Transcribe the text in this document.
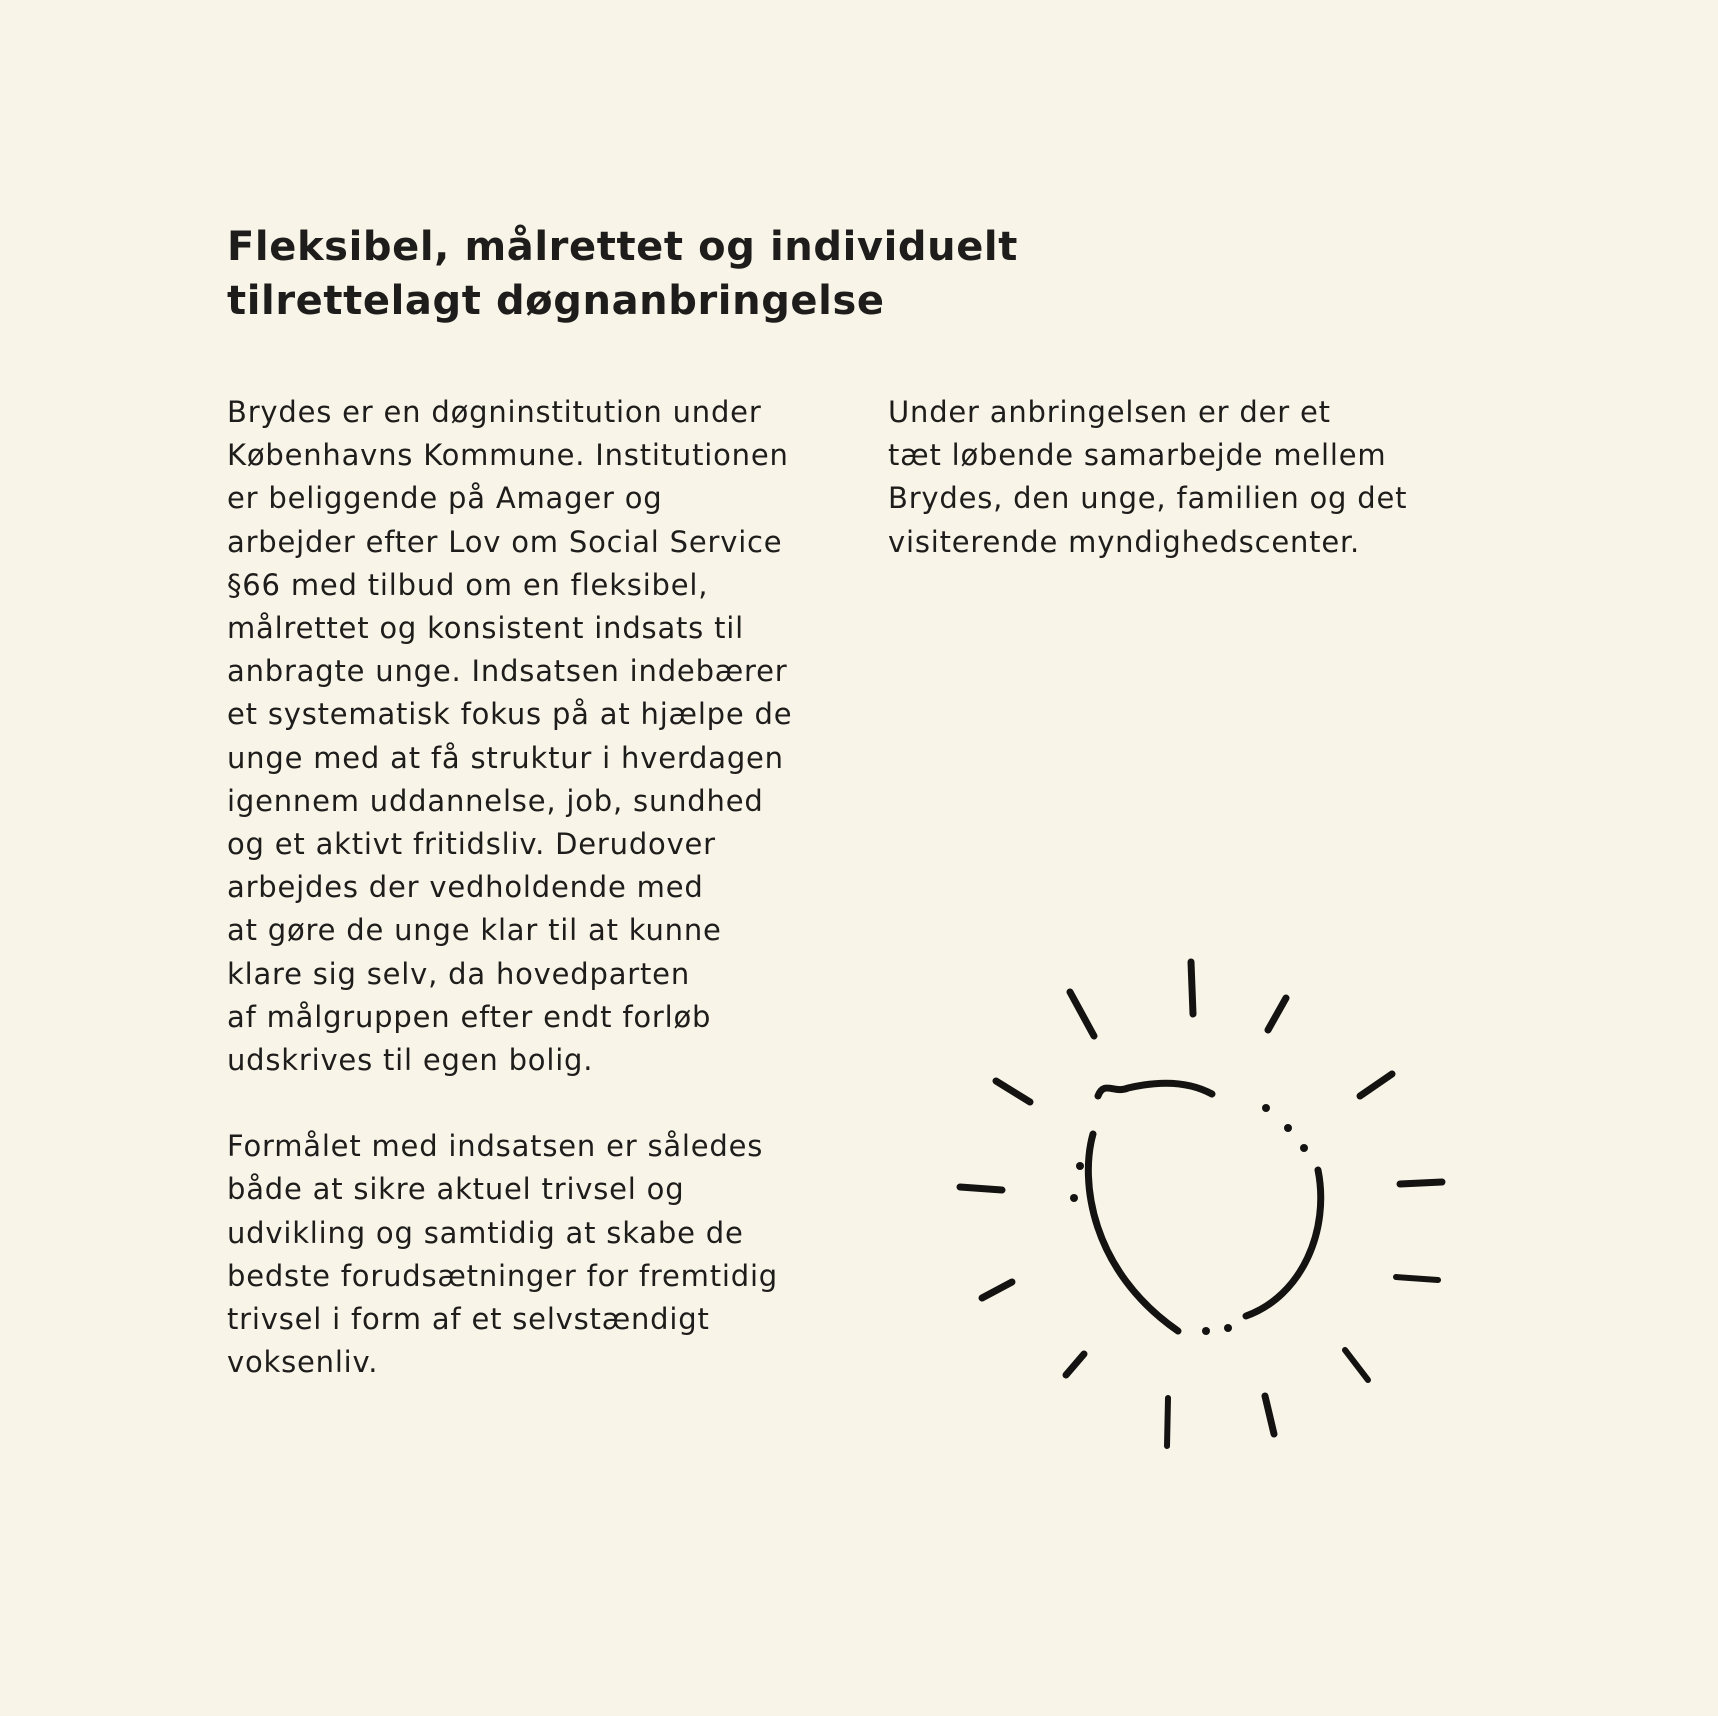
Fleksibel, målrettet og individuelt
tilrettelagt døgnanbringelse

Brydes er en døgninstitution under
Københavns Kommune. Institutionen
er beliggende på Amager og
arbejder efter Lov om Social Service
§66 med tilbud om en fleksibel,
målrettet og konsistent indsats til
anbragte unge. Indsatsen indebærer
et systematisk fokus på at hjælpe de
unge med at få struktur i hverdagen
igennem uddannelse, job, sundhed
og et aktivt fritidsliv. Derudover
arbejdes der vedholdende med
at gøre de unge klar til at kunne
klare sig selv, da hovedparten
af målgruppen efter endt forløb
udskrives til egen bolig.

Formålet med indsatsen er således
både at sikre aktuel trivsel og
udvikling og samtidig at skabe de
bedste forudsætninger for fremtidig
trivsel i form af et selvstændigt
voksenliv.

Under anbringelsen er der et
tæt løbende samarbejde mellem
Brydes, den unge, familien og det
visiterende myndighedscenter.
